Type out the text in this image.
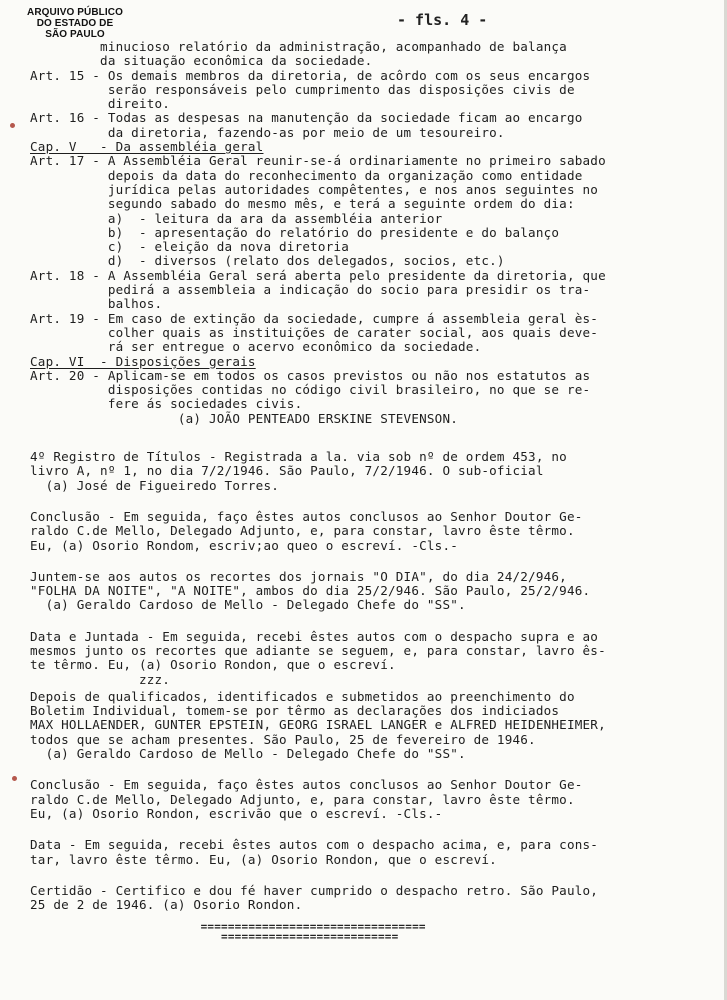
ARQUIVO PÚBLICO
DO ESTADO DE
SÃO PAULO
- fls. 4 -
minucioso relatório da administração, acompanhado de balança
da situação econômica da sociedade.
Art. 15 - Os demais membros da diretoria, de acôrdo com os seus encargos
serão responsáveis pelo cumprimento das disposições civis de
direito.
Art. 16 - Todas as despesas na manutenção da sociedade ficam ao encargo
da diretoria, fazendo-as por meio de um tesoureiro.
Cap. V   - Da assembléia geral
Art. 17 - A Assembléia Geral reunir-se-á ordinariamente no primeiro sabado
depois da data do reconhecimento da organização como entidade
jurídica pelas autoridades compêtentes, e nos anos seguintes no
segundo sabado do mesmo mês, e terá a seguinte ordem do dia:
a)  - leitura da ara da assembléia anterior
b)  - apresentação do relatório do presidente e do balanço
c)  - eleição da nova diretoria
d)  - diversos (relato dos delegados, socios, etc.)
Art. 18 - A Assembléia Geral será aberta pelo presidente da diretoria, que
pedirá a assembleia a indicação do socio para presidir os tra-
balhos.
Art. 19 - Em caso de extinção da sociedade, cumpre á assembleia geral ès-
colher quais as instituições de carater social, aos quais deve-
rá ser entregue o acervo econômico da sociedade.
Cap. VI  - Disposições gerais
Art. 20 - Aplicam-se em todos os casos previstos ou não nos estatutos as
disposições contidas no código civil brasileiro, no que se re-
fere ás sociedades civis.
(a) JOÃO PENTEADO ERSKINE STEVENSON.
4º Registro de Títulos - Registrada a la. via sob nº de ordem 453, no
livro A, nº 1, no dia 7/2/1946. São Paulo, 7/2/1946. O sub-oficial
(a) José de Figueiredo Torres.
Conclusão - Em seguida, faço êstes autos conclusos ao Senhor Doutor Ge-
raldo C.de Mello, Delegado Adjunto, e, para constar, lavro êste têrmo.
Eu, (a) Osorio Rondom, escriv;ao queo o escreví. -Cls.-
Juntem-se aos autos os recortes dos jornais "O DIA", do dia 24/2/946,
"FOLHA DA NOITE", "A NOITE", ambos do dia 25/2/946. São Paulo, 25/2/946.
(a) Geraldo Cardoso de Mello - Delegado Chefe do "SS".
Data e Juntada - Em seguida, recebi êstes autos com o despacho supra e ao
mesmos junto os recortes que adiante se seguem, e, para constar, lavro ês-
te têrmo. Eu, (a) Osorio Rondon, que o escreví.
zzz.
Depois de qualificados, identificados e submetidos ao preenchimento do
Boletim Individual, tomem-se por têrmo as declarações dos indiciados
MAX HOLLAENDER, GUNTER EPSTEIN, GEORG ISRAEL LANGER e ALFRED HEIDENHEIMER,
todos que se acham presentes. São Paulo, 25 de fevereiro de 1946.
(a) Geraldo Cardoso de Mello - Delegado Chefe do "SS".
Conclusão - Em seguida, faço êstes autos conclusos ao Senhor Doutor Ge-
raldo C.de Mello, Delegado Adjunto, e, para constar, lavro êste têrmo.
Eu, (a) Osorio Rondon, escrivão que o escreví. -Cls.-
Data - Em seguida, recebi êstes autos com o despacho acima, e, para cons-
tar, lavro êste têrmo. Eu, (a) Osorio Rondon, que o escreví.
Certidão - Certifico e dou fé haver cumprido o despacho retro. São Paulo,
25 de 2 de 1946. (a) Osorio Rondon.
=================================
==========================
